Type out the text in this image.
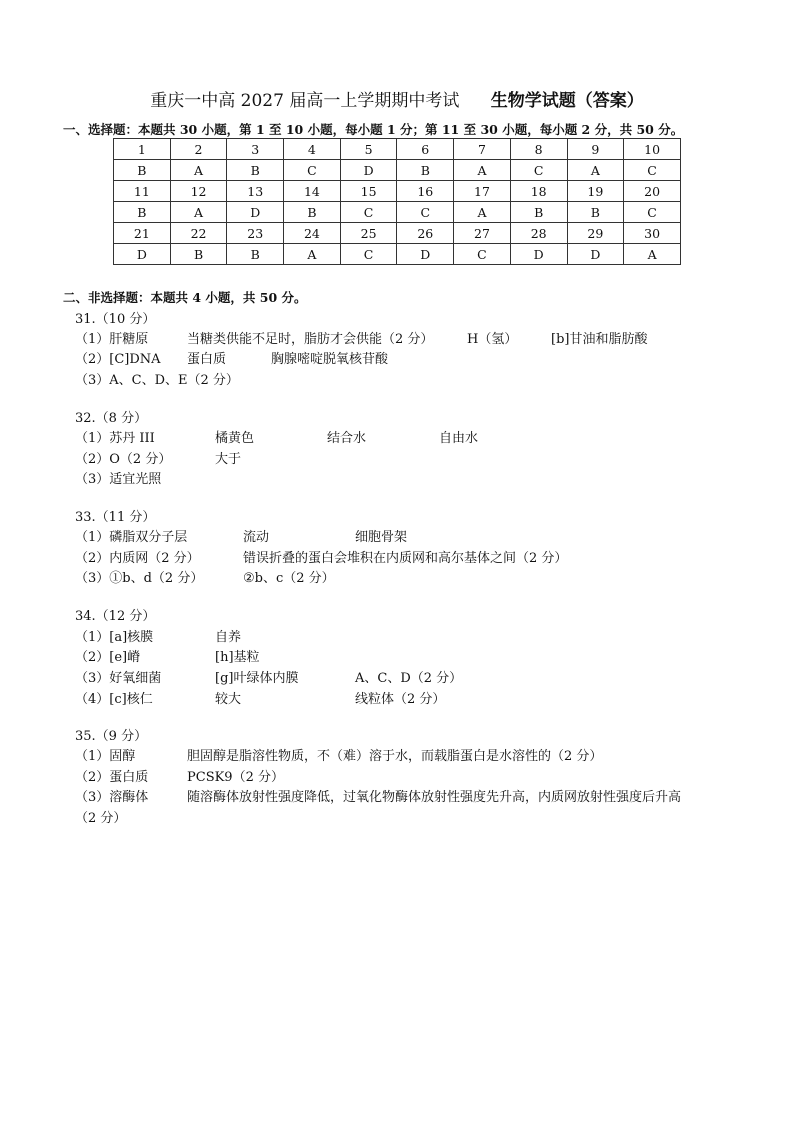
重庆一中高 2027 届高一上学期期中考试 生物学试题（答案）
一、选择题：本题共 30 小题，第 1 至 10 小题，每小题 1 分；第 11 至 30 小题，每小题 2 分，共 50 分。
1	2	3	4	5	6	7	8	9	10
B	A	B	C	D	B	A	C	A	C
11	12	13	14	15	16	17	18	19	20
B	A	D	B	C	C	A	B	B	C
21	22	23	24	25	26	27	28	29	30
D	B	B	A	C	D	C	D	D	A
二、非选择题：本题共 4 小题，共 50 分。
31.（10 分）
（1）肝糖原	当糖类供能不足时，脂肪才会供能（2 分）	H（氢）	[b]甘油和脂肪酸
（2）[C]DNA 蛋白质	胸腺嘧啶脱氧核苷酸
（3）A、C、D、E（2 分）
32.（8 分）
（1）苏丹 III	橘黄色	结合水	自由水
（2）O（2 分）	大于
（3）适宜光照
33.（11 分）
（1）磷脂双分子层	流动	细胞骨架
（2）内质网（2 分）	错误折叠的蛋白会堆积在内质网和高尔基体之间（2 分）
（3）①b、d（2 分）	②b、c（2 分）
34.（12 分）
（1）[a]核膜	自养
（2）[e]嵴	[h]基粒
（3）好氧细菌	[g]叶绿体内膜	A、C、D（2 分）
（4）[c]核仁	较大	线粒体（2 分）
35.（9 分）
（1）固醇	胆固醇是脂溶性物质，不（难）溶于水，而载脂蛋白是水溶性的（2 分）
（2）蛋白质	PCSK9（2 分）
（3）溶酶体	随溶酶体放射性强度降低，过氧化物酶体放射性强度先升高，内质网放射性强度后升高
（2 分）
